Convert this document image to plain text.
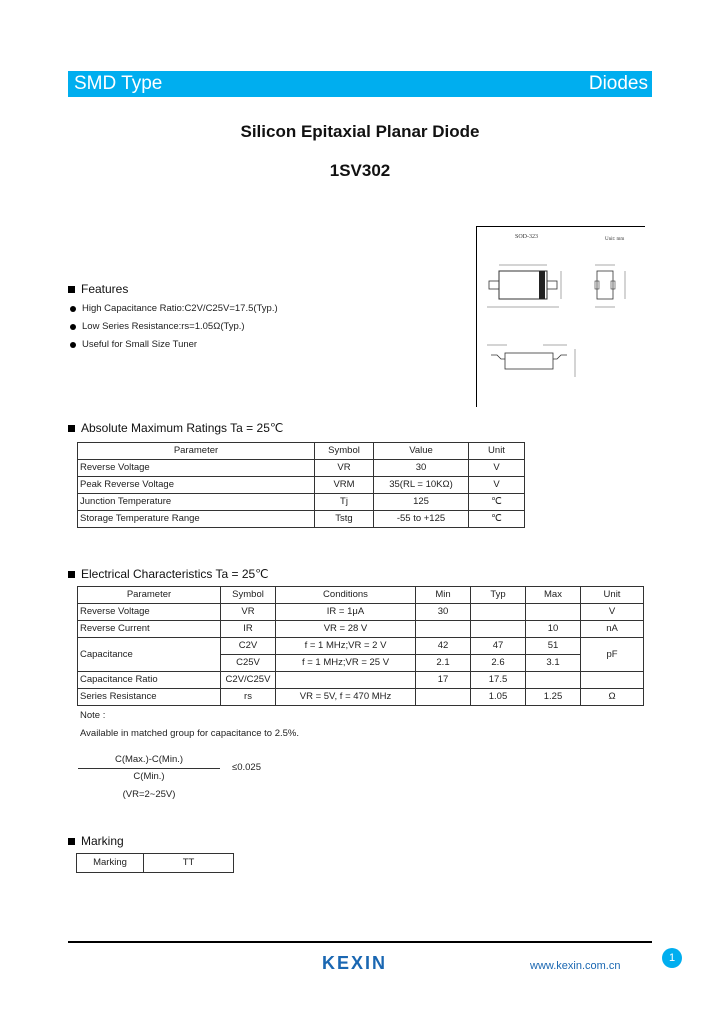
SMD Type	Diodes
Silicon Epitaxial Planar Diode
1SV302
SOD-323	Unit: mm
Features
High Capacitance Ratio:C2V/C25V=17.5(Typ.)
Low Series Resistance:rs=1.05Ω(Typ.)
Useful for Small Size Tuner
Absolute Maximum Ratings Ta = 25℃
Parameter	Symbol	Value	Unit
Reverse Voltage	VR	30	V
Peak Reverse Voltage	VRM	35(RL = 10KΩ)	V
Junction Temperature	Tj	125	℃
Storage Temperature Range	Tstg	-55 to +125	℃
Electrical Characteristics Ta = 25℃
Parameter	Symbol	Conditions	Min	Typ	Max	Unit
Reverse Voltage	VR	IR = 1μA	30			V
Reverse Current	IR	VR = 28 V			10	nA
Capacitance	C2V	f = 1 MHz;VR = 2 V	42	47	51	pF
	C25V	f = 1 MHz;VR = 25 V	2.1	2.6	3.1	
Capacitance Ratio	C2V/C25V		17	17.5		
Series Resistance	rs	VR = 5V, f = 470 MHz		1.05	1.25	Ω
Note :
Available in matched group for capacitance to 2.5%.
C(Max.)-C(Min.)
C(Min.)
≤0.025
(VR=2~25V)
Marking
Marking	TT
KEXIN	www.kexin.com.cn
1
